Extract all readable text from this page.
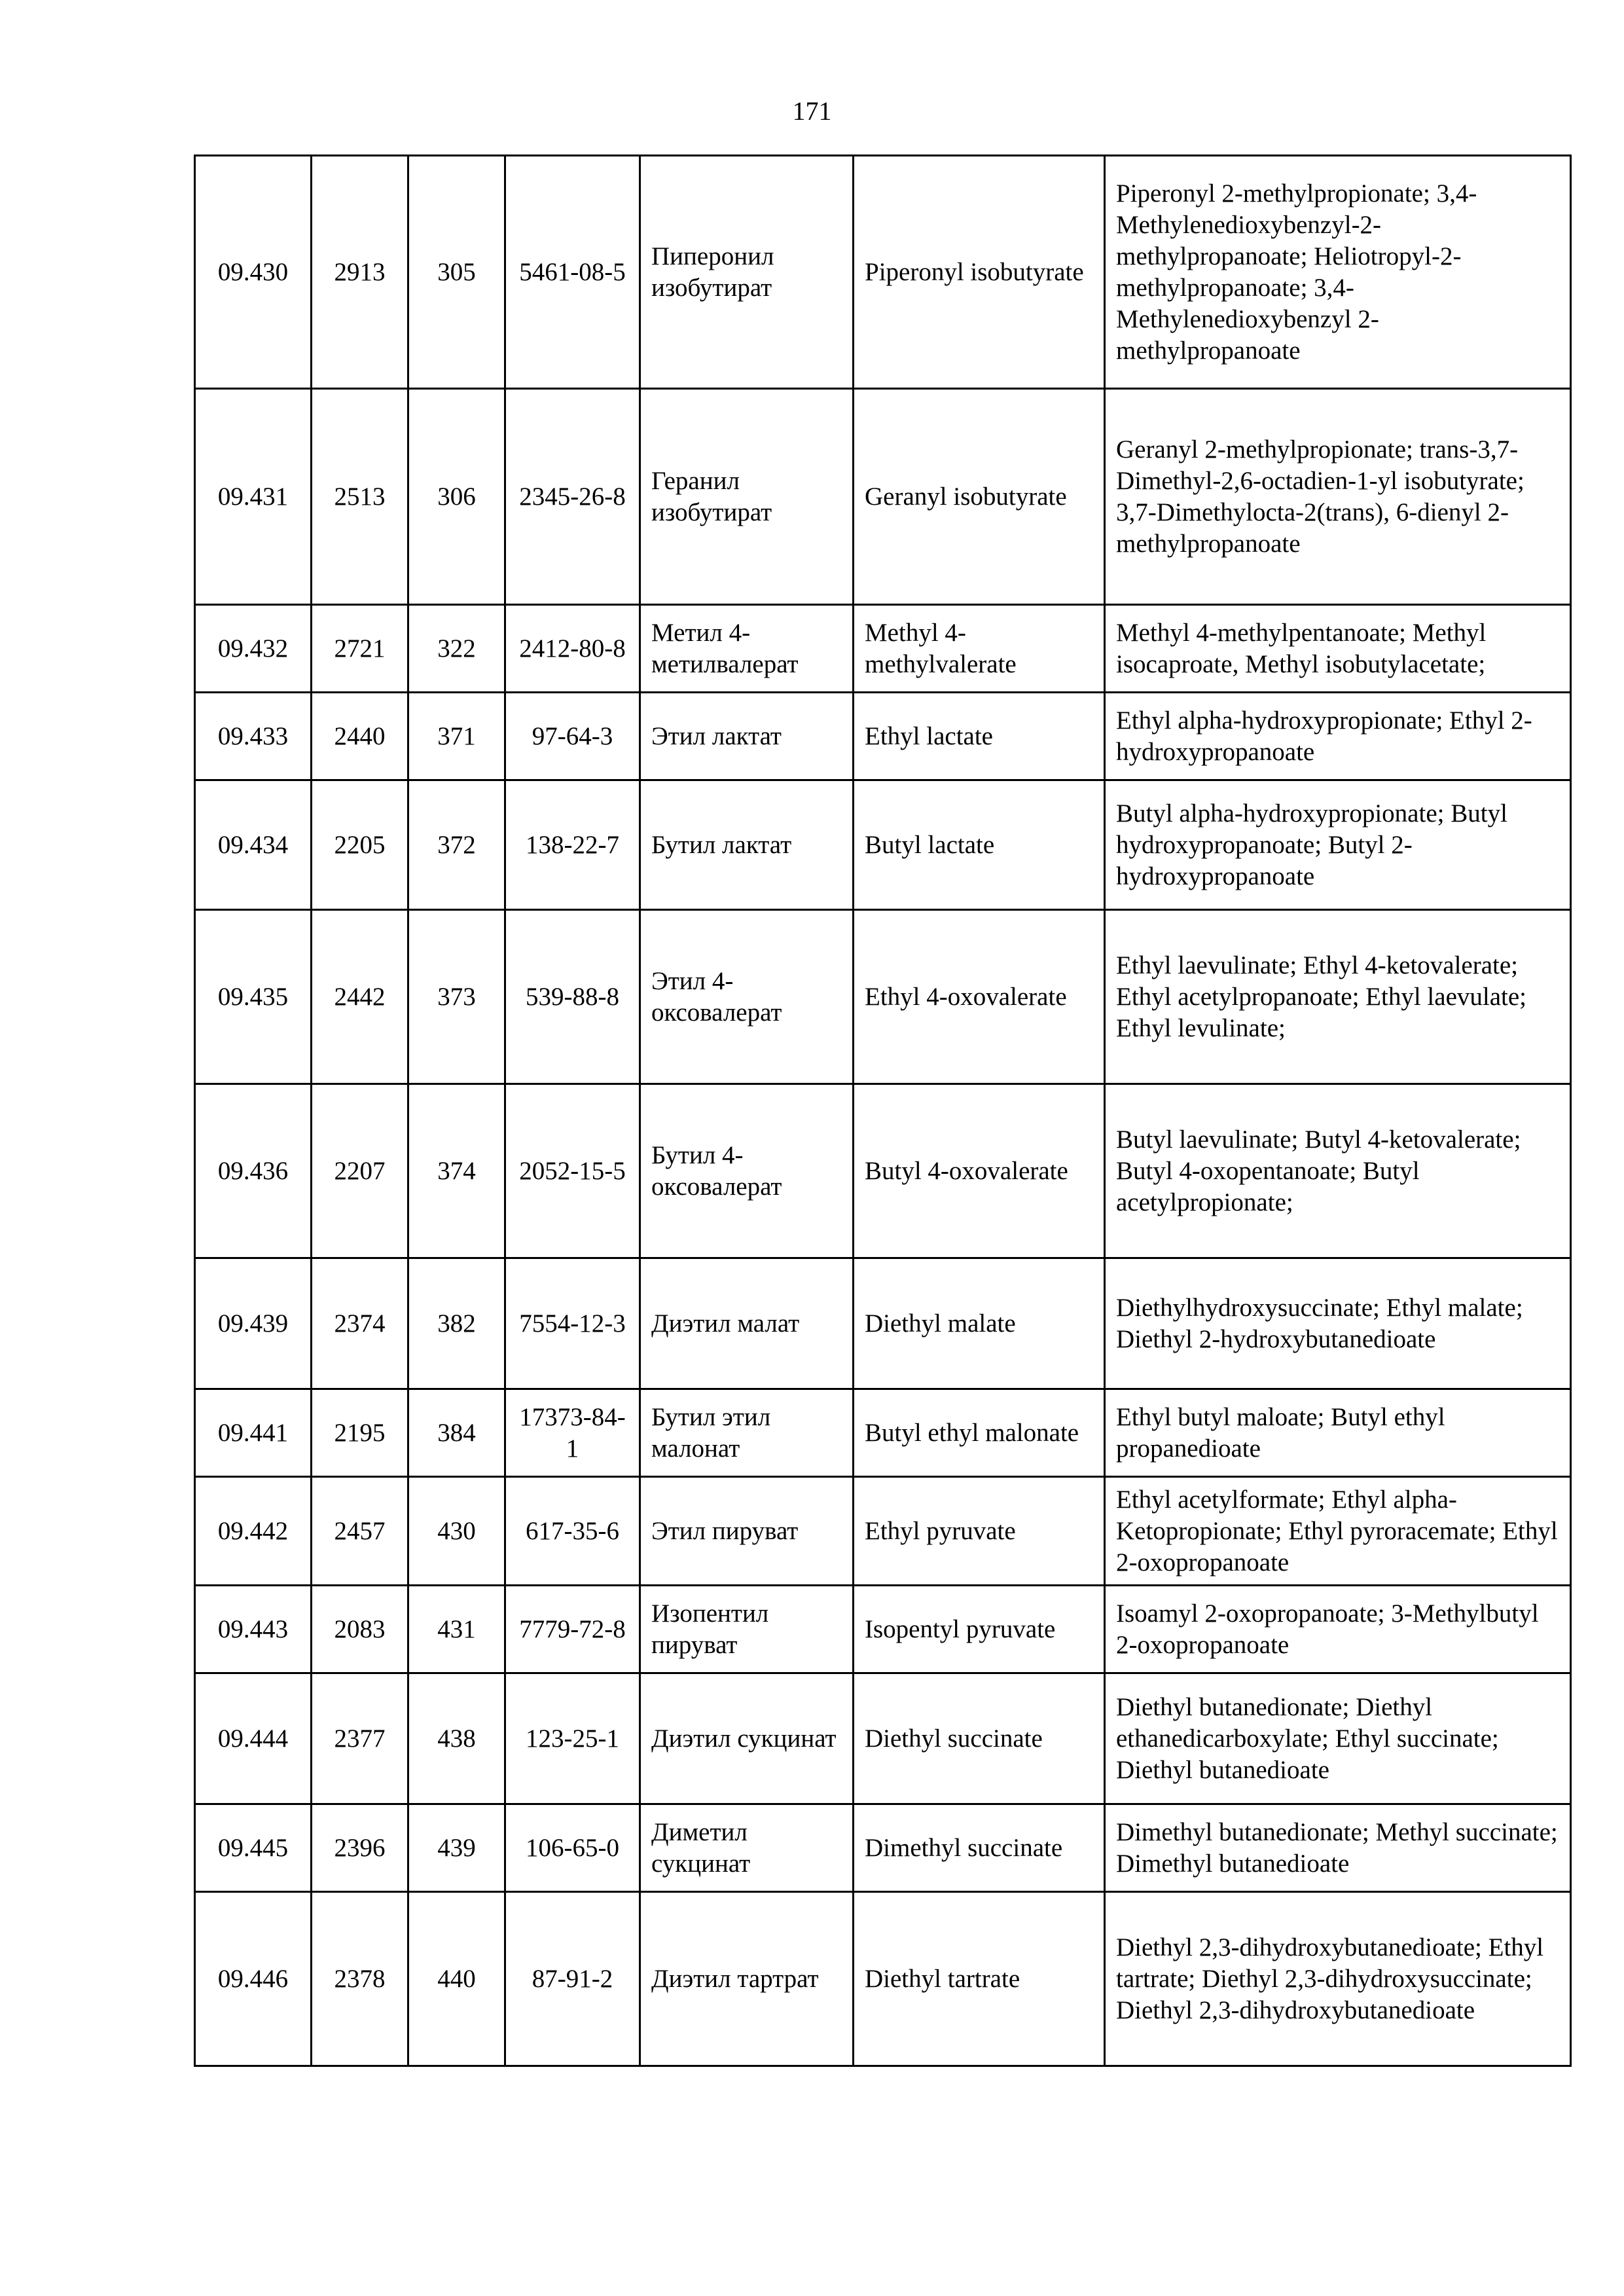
171
09.430	2913	305	5461-08-5	Пиперонил изобутират	Piperonyl isobutyrate	Piperonyl 2-methylpropionate; 3,4-Methylenedioxybenzyl-2-methylpropanoate; Heliotropyl-2-methylpropanoate; 3,4-Methylenedioxybenzyl 2-methylpropanoate
09.431	2513	306	2345-26-8	Геранил изобутират	Geranyl isobutyrate	Geranyl 2-methylpropionate; trans-3,7-Dimethyl-2,6-octadien-1-yl isobutyrate; 3,7-Dimethylocta-2(trans), 6-dienyl 2-methylpropanoate
09.432	2721	322	2412-80-8	Метил 4-метилвалерат	Methyl 4-methylvalerate	Methyl 4-methylpentanoate; Methyl isocaproate, Methyl isobutylacetate;
09.433	2440	371	97-64-3	Этил лактат	Ethyl lactate	Ethyl alpha-hydroxypropionate; Ethyl 2-hydroxypropanoate
09.434	2205	372	138-22-7	Бутил лактат	Butyl lactate	Butyl alpha-hydroxypropionate; Butyl hydroxypropanoate; Butyl 2-hydroxypropanoate
09.435	2442	373	539-88-8	Этил 4-оксовалерат	Ethyl 4-oxovalerate	Ethyl laevulinate; Ethyl 4-ketovalerate; Ethyl acetylpropanoate; Ethyl laevulate; Ethyl levulinate;
09.436	2207	374	2052-15-5	Бутил 4-оксовалерат	Butyl 4-oxovalerate	Butyl laevulinate; Butyl 4-ketovalerate; Butyl 4-oxopentanoate; Butyl acetylpropionate;
09.439	2374	382	7554-12-3	Диэтил малат	Diethyl malate	Diethylhydroxysuccinate; Ethyl malate; Diethyl 2-hydroxybutanedioate
09.441	2195	384	17373-84-1	Бутил этил малонат	Butyl ethyl malonate	Ethyl butyl maloate; Butyl ethyl propanedioate
09.442	2457	430	617-35-6	Этил пируват	Ethyl pyruvate	Ethyl acetylformate; Ethyl alpha-Ketopropionate; Ethyl pyroracemate; Ethyl 2-oxopropanoate
09.443	2083	431	7779-72-8	Изопентил пируват	Isopentyl pyruvate	Isoamyl 2-oxopropanoate; 3-Methylbutyl 2-oxopropanoate
09.444	2377	438	123-25-1	Диэтил сукцинат	Diethyl succinate	Diethyl butanedionate; Diethyl ethanedicarboxylate; Ethyl succinate; Diethyl butanedioate
09.445	2396	439	106-65-0	Диметил сукцинат	Dimethyl succinate	Dimethyl butanedionate; Methyl succinate; Dimethyl butanedioate
09.446	2378	440	87-91-2	Диэтил тартрат	Diethyl tartrate	Diethyl 2,3-dihydroxybutanedioate; Ethyl tartrate; Diethyl 2,3-dihydroxysuccinate; Diethyl 2,3-dihydroxybutanedioate
